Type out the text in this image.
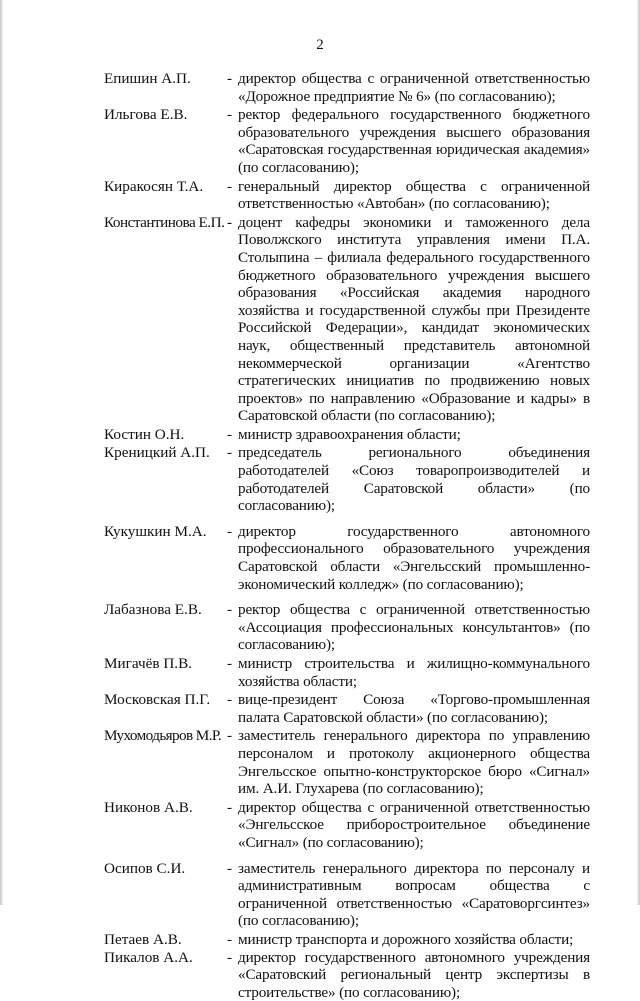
2
Епишин А.П. - директор общества с ограниченной ответственностью «Дорожное предприятие № 6» (по согласованию);
Ильгова Е.В.	- ректор федерального государственного бюджетного образовательного учреждения высшего образования «Саратовская государственная юридическая академия» (по согласованию);
Киракосян Т.А. - генеральный директор общества с ограниченной ответственностью «Автобан» (по согласованию);
Константинова Е.П. - доцент кафедры экономики и таможенного дела Поволжского института управления имени П.А. Столыпина – филиала федерального государственного бюджетного образовательного учреждения высшего образования «Российская академия народного хозяйства и государственной службы при Президенте Российской Федерации», кандидат экономических наук, общественный представитель автономной некоммерческой организации «Агентство стратегических инициатив по продвижению новых проектов» по направлению «Образование и кадры» в Саратовской области (по согласованию);
Костин О.Н.	- министр здравоохранения области;
Креницкий А.П. - председатель регионального объединения работодателей «Союз товаропроизводителей и работодателей Саратовской области» (по согласованию);
Кукушкин М.А. - директор государственного автономного профессионального образовательного учреждения Саратовской области «Энгельсский промышленно-экономический колледж» (по согласованию);
Лабазнова Е.В. - ректор общества с ограниченной ответственностью «Ассоциация профессиональных консультантов» (по согласованию);
Мигачёв П.В. - министр строительства и жилищно-коммунального хозяйства области;
Московская П.Г. - вице-президент Союза «Торгово-промышленная палата Саратовской области» (по согласованию);
Мухомодьяров М.Р. - заместитель генерального директора по управлению персоналом и протоколу акционерного общества Энгельсское опытно-конструкторское бюро «Сигнал» им. А.И. Глухарева (по согласованию);
Никонов А.В. - директор общества с ограниченной ответственностью «Энгельсское приборостроительное объединение «Сигнал» (по согласованию);
Осипов С.И.	- заместитель генерального директора по персоналу и административным вопросам общества с ограниченной ответственностью «Саратоворгсинтез» (по согласованию);
Петаев А.В.	- министр транспорта и дорожного хозяйства области;
Пикалов А.А. - директор государственного автономного учреждения «Саратовский региональный центр экспертизы в строительстве» (по согласованию);
